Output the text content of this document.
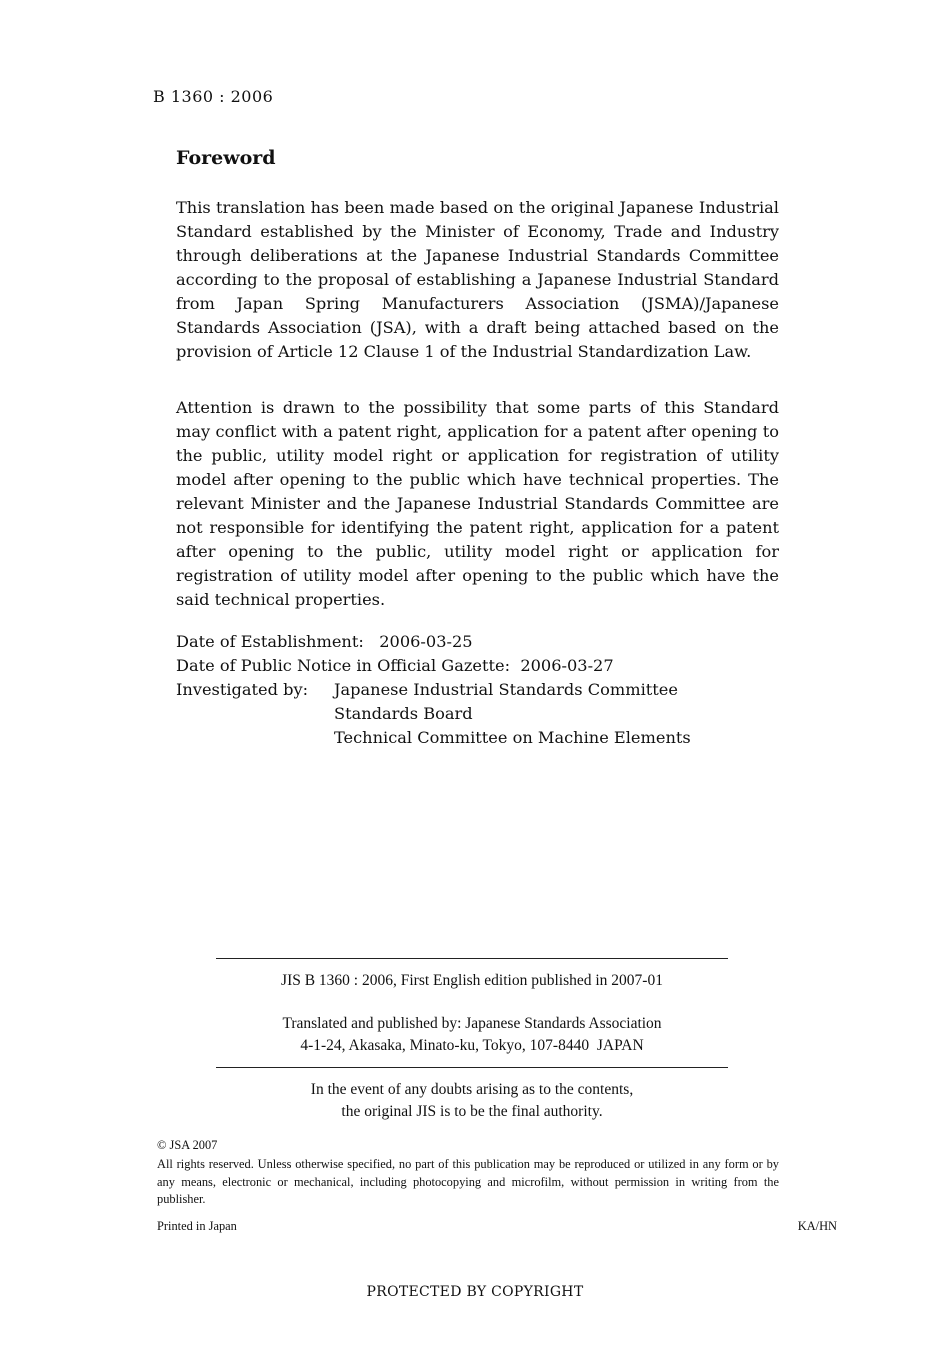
B 1360 : 2006
Foreword

This translation has been made based on the original Japanese Industrial Standard established by the Minister of Economy, Trade and Industry through deliberations at the Japanese Industrial Standards Committee according to the proposal of establishing a Japanese Industrial Standard from Japan Spring Manufacturers Association (JSMA)/Japanese Standards Association (JSA), with a draft being attached based on the provision of Article 12 Clause 1 of the Industrial Standardization Law.

Attention is drawn to the possibility that some parts of this Standard may conflict with a patent right, application for a patent after opening to the public, utility model right or application for registration of utility model after opening to the public which have technical properties. The relevant Minister and the Japanese Industrial Standards Committee are not responsible for identifying the patent right, application for a patent after opening to the public, utility model right or application for registration of utility model after opening to the public which have the said technical properties.

Date of Establishment: 2006-03-25
Date of Public Notice in Official Gazette: 2006-03-27
Investigated by: Japanese Industrial Standards Committee
Standards Board
Technical Committee on Machine Elements
JIS B 1360 : 2006, First English edition published in 2007-01
Translated and published by: Japanese Standards Association
4-1-24, Akasaka, Minato-ku, Tokyo, 107-8440  JAPAN
In the event of any doubts arising as to the contents,
the original JIS is to be the final authority.
© JSA 2007
All rights reserved. Unless otherwise specified, no part of this publication may be reproduced or utilized in any form or by any means, electronic or mechanical, including photocopying and microfilm, without permission in writing from the publisher.
Printed in Japan	KA/HN
PROTECTED BY COPYRIGHT
